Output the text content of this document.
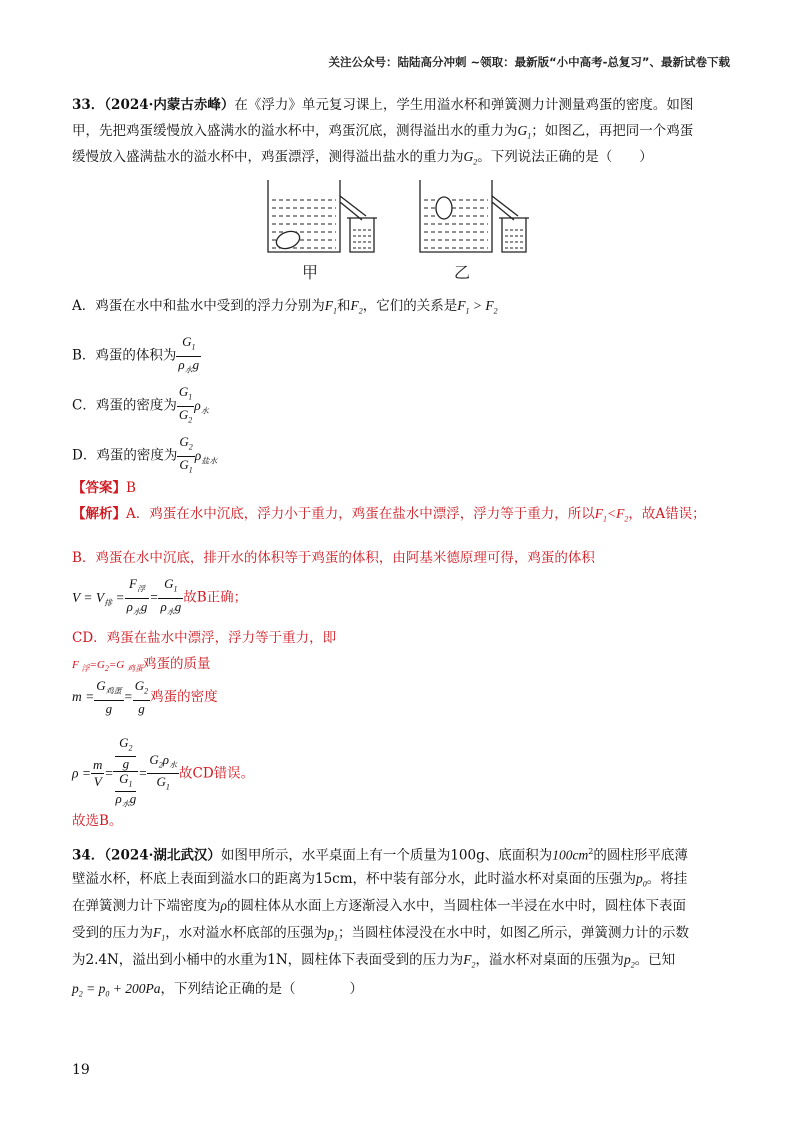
关注公众号：陆陆高分冲刺 ~领取：最新版“小中高考-总复习”、最新试卷下载
33．（2024·内蒙古赤峰）在《浮力》单元复习课上，学生用溢水杯和弹簧测力计测量鸡蛋的密度。如图
甲，先把鸡蛋缓慢放入盛满水的溢水杯中，鸡蛋沉底，测得溢出水的重力为$G_1$；如图乙，再把同一个鸡蛋
缓慢放入盛满盐水的溢水杯中，鸡蛋漂浮，测得溢出盐水的重力为$G_2$。下列说法正确的是（　　）
甲	乙
A．鸡蛋在水中和盐水中受到的浮力分别为$F_1$和$F_2$，它们的关系是$F_1 > F_2$
B．鸡蛋的体积为 $\frac{G_1}{\rho_水g}$
C．鸡蛋的密度为 $\frac{G_1}{G_2} \rho_水$
D．鸡蛋的密度为 $\frac{G_2}{G_1} \rho_{盐水}$
【答案】B
【解析】A．鸡蛋在水中沉底，浮力小于重力，鸡蛋在盐水中漂浮，浮力等于重力，所以$F_1<F_2$，故A错误；
B．鸡蛋在水中沉底，排开水的体积等于鸡蛋的体积，由阿基米德原理可得，鸡蛋的体积
$V = V_排 = \frac{F_浮}{\rho_水g} = \frac{G_1}{\rho_水g}$ 故B正确；
CD．鸡蛋在盐水中漂浮，浮力等于重力，即
F $_浮=G_2=G$ $_{鸡蛋}$鸡蛋的质量
$m = \frac{G_{鸡蛋}}{g} = \frac{G_2}{g}$ 鸡蛋的密度
$\rho = \frac{m}{V} = G_2$
g
$G_1$
$\rho_水g = \frac{G_2\rho_水}{G_1}$ 故CD错误。
故选B。
34．（2024·湖北武汉）如图甲所示，水平桌面上有一个质量为100g、底面积为$100cm^2$的圆柱形平底薄
壁溢水杯，杯底上表面到溢水口的距离为15cm，杯中装有部分水，此时溢水杯对桌面的压强为$p_0$。将挂
在弹簧测力计下端密度为ρ的圆柱体从水面上方逐渐浸入水中，当圆柱体一半浸在水中时，圆柱体下表面
受到的压力为$F_1$，水对溢水杯底部的压强为$p_1$；当圆柱体浸没在水中时，如图乙所示，弹簧测力计的示数
为2.4N，溢出到小桶中的水重为1N，圆柱体下表面受到的压力为$F_2$，溢水杯对桌面的压强为$p_2$。已知
$p_2 = p_0 + 200Pa$，下列结论正确的是（　　　　）
19
